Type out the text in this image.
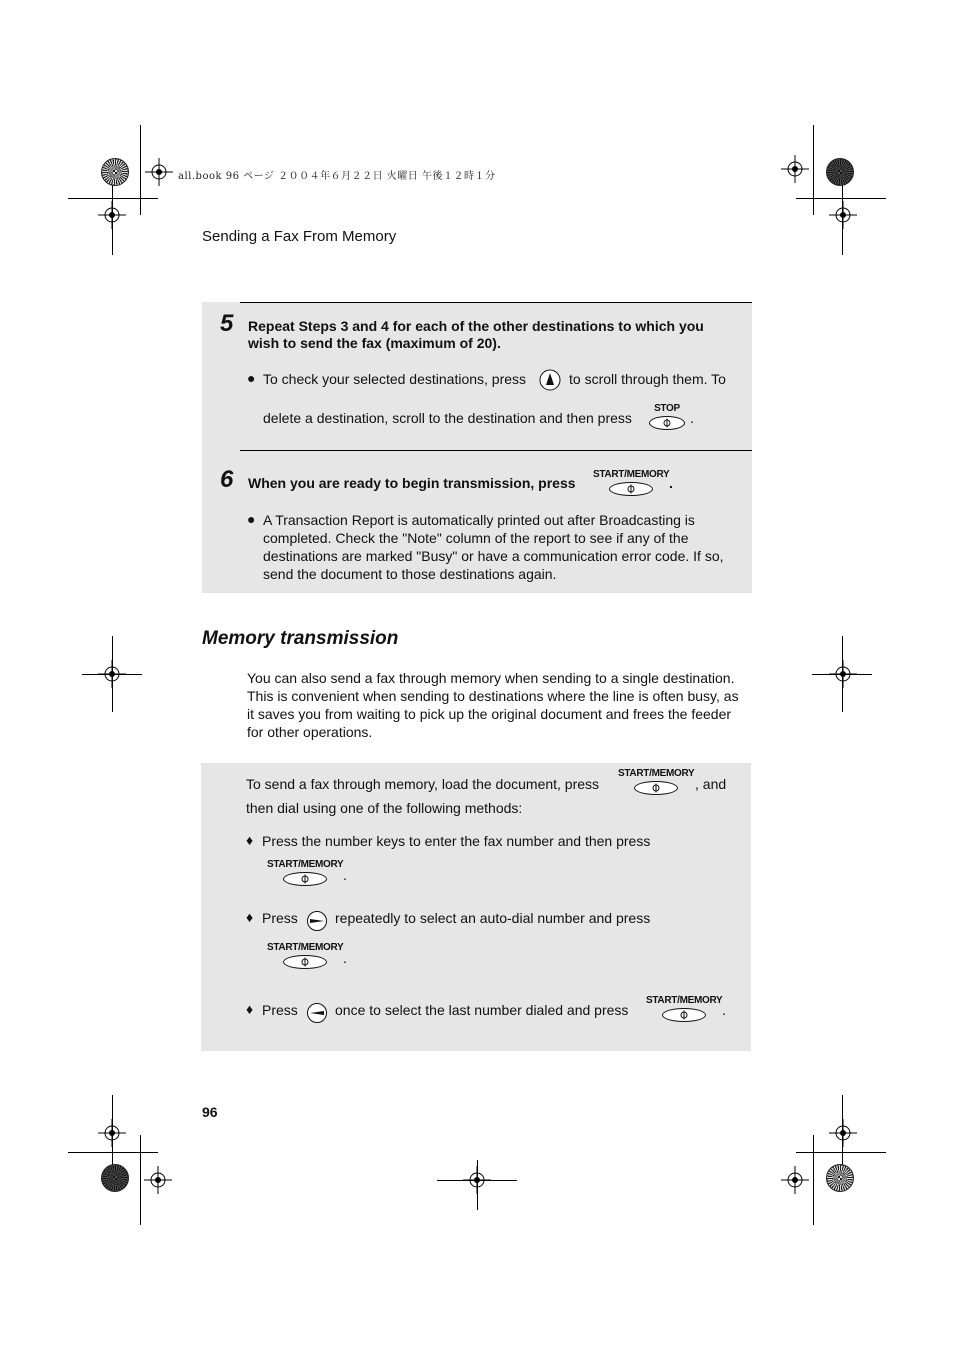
all.book 96 ページ ２００４年６月２２日 火曜日 午後１２時１分
Sending a Fax From Memory
5 Repeat Steps 3 and 4 for each of the other destinations to which you wish to send the fax (maximum of 20).
● To check your selected destinations, press	to scroll through them. To
delete a destination, scroll to the destination and then press
STOP
.
6 When you are ready to begin transmission, press
START/MEMORY
.
● A Transaction Report is automatically printed out after Broadcasting is completed. Check the "Note" column of the report to see if any of the destinations are marked "Busy" or have a communication error code. If so, send the document to those destinations again.
Memory transmission
You can also send a fax through memory when sending to a single destination. This is convenient when sending to destinations where the line is often busy, as it saves you from waiting to pick up the original document and frees the feeder for other operations.
To send a fax through memory, load the document, press
START/MEMORY
, and
then dial using one of the following methods:
♦ Press the number keys to enter the fax number and then press
START/MEMORY
.
♦ Press	repeatedly to select an auto-dial number and press
START/MEMORY
.
♦ Press	once to select the last number dialed and press
START/MEMORY
.
96
